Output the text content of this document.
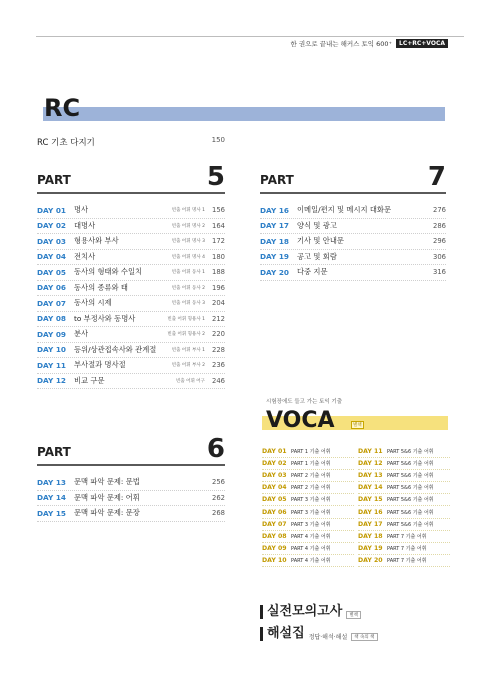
한 권으로 끝내는 해커스 토익 600⁺	LC+RC+VOCA
RC
RC 기초 다지기	150
PART	5
DAY 01	명사	빈출 어휘 명사 1 156
DAY 02	대명사	빈출 어휘 명사 2 164
DAY 03	형용사와 부사	빈출 어휘 명사 3 172
DAY 04	전치사	빈출 어휘 명사 4 180
DAY 05	동사의 형태와 수일치	빈출 어휘 동사 1 188
DAY 06	동사의 종류와 태	빈출 어휘 동사 2 196
DAY 07	동사의 시제	빈출 어휘 동사 3 204
DAY 08	to 부정사와 동명사	빈출 어휘 형용사 1 212
DAY 09	분사	빈출 어휘 형용사 2 220
DAY 10	등위/상관접속사와 관계절	빈출 어휘 부사 1 228
DAY 11	부사절과 명사절	빈출 어휘 부사 2 236
DAY 12	비교 구문	빈출 어휘 어구 246
PART	6
DAY 13	문맥 파악 문제: 문법	256
DAY 14	문맥 파악 문제: 어휘	262
DAY 15	문맥 파악 문제: 문장	268
PART	7
DAY 16	이메일/편지 및 메시지 대화문	276
DAY 17	양식 및 광고	286
DAY 18	기사 및 안내문	296
DAY 19	공고 및 회람	306
DAY 20	다중 지문	316
시험장에도 들고 가는 토익 기출
VOCA	별책
DAY 01 PART 1 기출 어휘
DAY 02 PART 1 기출 어휘
DAY 03 PART 2 기출 어휘
DAY 04 PART 2 기출 어휘
DAY 05 PART 3 기출 어휘
DAY 06 PART 3 기출 어휘
DAY 07 PART 3 기출 어휘
DAY 08 PART 4 기출 어휘
DAY 09 PART 4 기출 어휘
DAY 10 PART 4 기출 어휘
DAY 11 PART 5&6 기출 어휘
DAY 12 PART 5&6 기출 어휘
DAY 13 PART 5&6 기출 어휘
DAY 14 PART 5&6 기출 어휘
DAY 15 PART 5&6 기출 어휘
DAY 16 PART 5&6 기출 어휘
DAY 17 PART 5&6 기출 어휘
DAY 18 PART 7 기출 어휘
DAY 19 PART 7 기출 어휘
DAY 20 PART 7 기출 어휘
실전모의고사	별책
해설집 정답·해석·해설	책 속의 책
